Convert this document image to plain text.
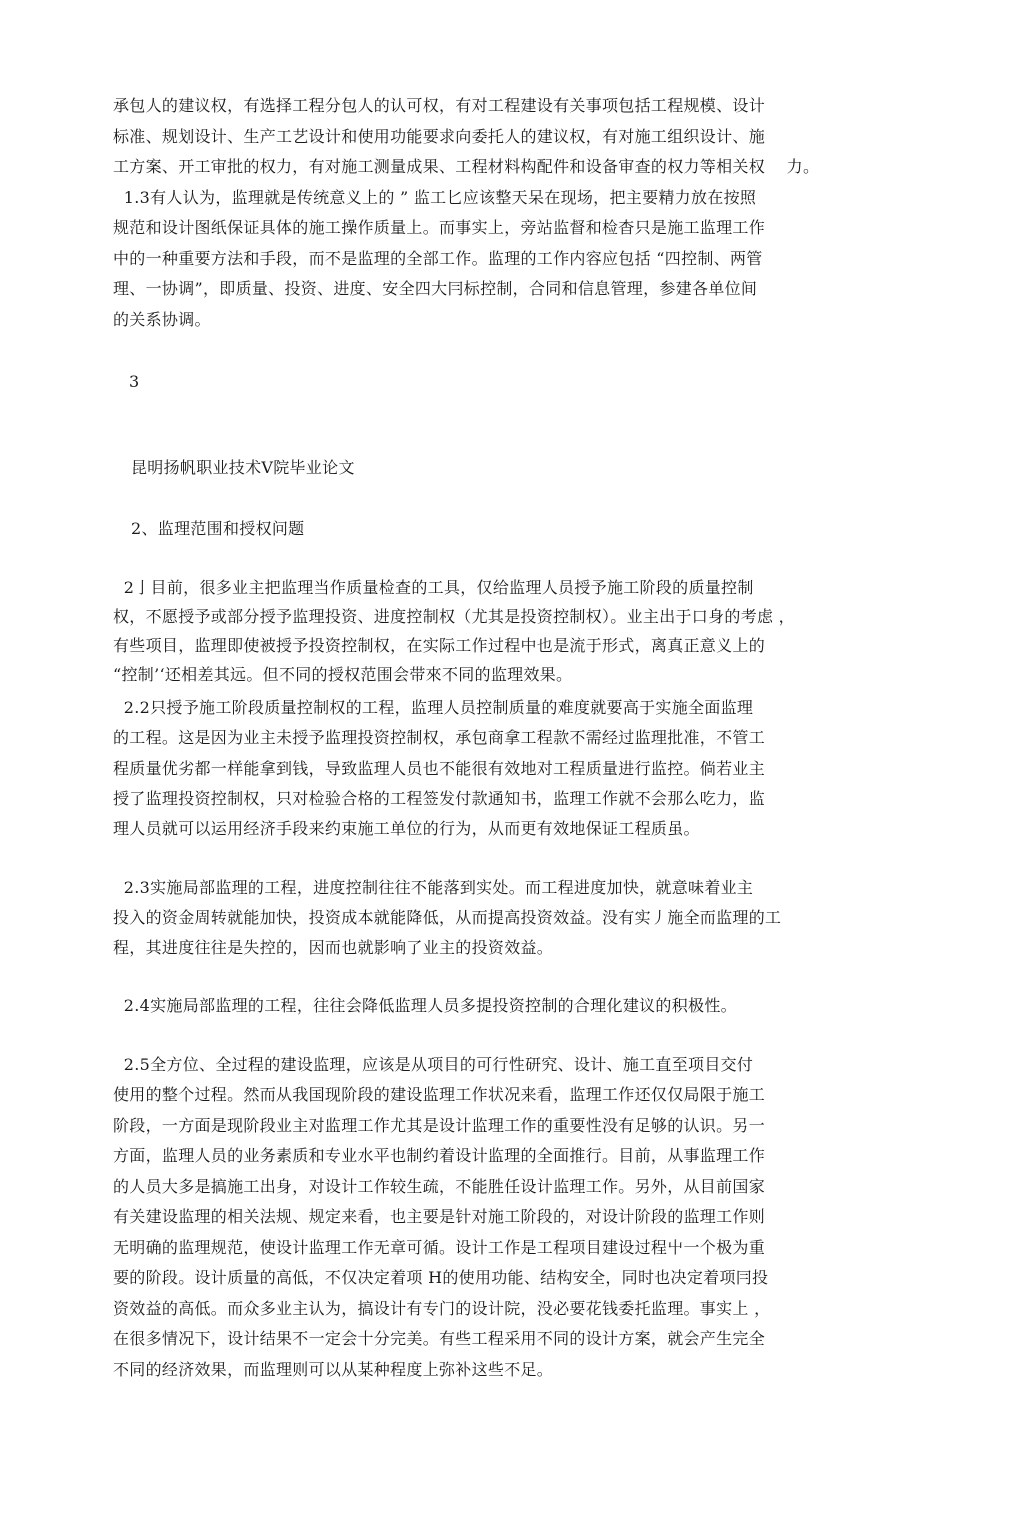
承包人的建议权，有选择工程分包人的认可权，有对工程建设有关事项包括工程规模、设计
标准、规划设计、生产工艺设计和使用功能要求向委托人的建议权，有对施工组织设计、施
工方案、开工审批的权力，有对施工测量成果、工程材料构配件和设备审查的权力等相关权　 力。
1.3有人认为，监理就是传统意义上的 ” 监工匕应该整天呆在现场，把主要精力放在按照
规范和设计图纸保证具体的施工操作质量上。而事实上，旁站监督和检杳只是施工监理工作
中的一种重要方法和手段，而不是监理的全部工作。监理的工作内容应包括 “四控制、两管
理、一协调”，即质量、投资、进度、安全四大冃标控制，合同和信息管理，参建各单位间
的关系协调。
3
昆明扬帆职业技术V院毕业论文
2、监理范围和授权问题
2亅目前，很多业主把监理当作质量检查的工具，仅给监理人员授予施工阶段的质量控制
权，不愿授予或部分授予监理投资、进度控制权（尤其是投资控制权）。业主出于口身的考虑 ，
有些项目，监理即使被授予投资控制权，在实际工作过程中也是流于形式，离真正意义上的
“控制’‘还相差其远。但不同的授权范围会带來不同的监理效果。
2.2只授予施工阶段质量控制权的工程，监理人员控制质量的难度就要高于实施全面监理
的工程。这是因为业主未授予监理投资控制权，承包商拿工程款不需经过监理批准，不管工
程质量优劣都一样能拿到钱，导致监理人员也不能很有效地对工程质量进行监控。倘若业主
授了监理投资控制权，只对检验合格的工程签发付款通知书，监理工作就不会那么吃力，监
理人员就可以运用经济手段来约束施工单位的行为，从而更有效地保证工程质虽。
2.3实施局部监理的工程，进度控制往往不能落到实处。而工程进度加快，就意味着业主
投入的资金周转就能加快，投资成本就能降低，从而提高投资效益。没有实丿施全而监理的工
程，其进度往往是失控的，因而也就影响了业主的投资效益。
2.4实施局部监理的工程，往往会降低监理人员多提投资控制的合理化建议的积极性。
2.5全方位、全过程的建设监理，应该是从项目的可行性研究、设计、施工直至项目交付
使用的整个过程。然而从我国现阶段的建设监理工作状况来看，监理工作还仅仅局限于施工
阶段，一方面是现阶段业主对监理工作尤其是设计监理工作的重要性没有足够的认识。另一
方面，监理人员的业务素质和专业水平也制约着设计监理的全面推行。目前，从事监理工作
的人员大多是搞施工出身，对设计工作较生疏，不能胜任设计监理工作。另外，从目前国家
有关建设监理的相关法规、规定来看，也主要是针对施工阶段的，对设计阶段的监理工作则
无明确的监理规范，使设计监理工作无章可循。设计工作是工程项目建设过程屮一个极为重
要的阶段。设计质量的高低，不仅决定着项 H的使用功能、结构安全，同时也决定着项冃投
资效益的高低。而众多业主认为，搞设计有专门的设计院，没必要花钱委托监理。事实上 ，
在很多情况下，设计结果不一定会十分完美。有些工程采用不同的设计方案，就会产生完全
不同的经济效果，而监理则可以从某种程度上弥补这些不足。
